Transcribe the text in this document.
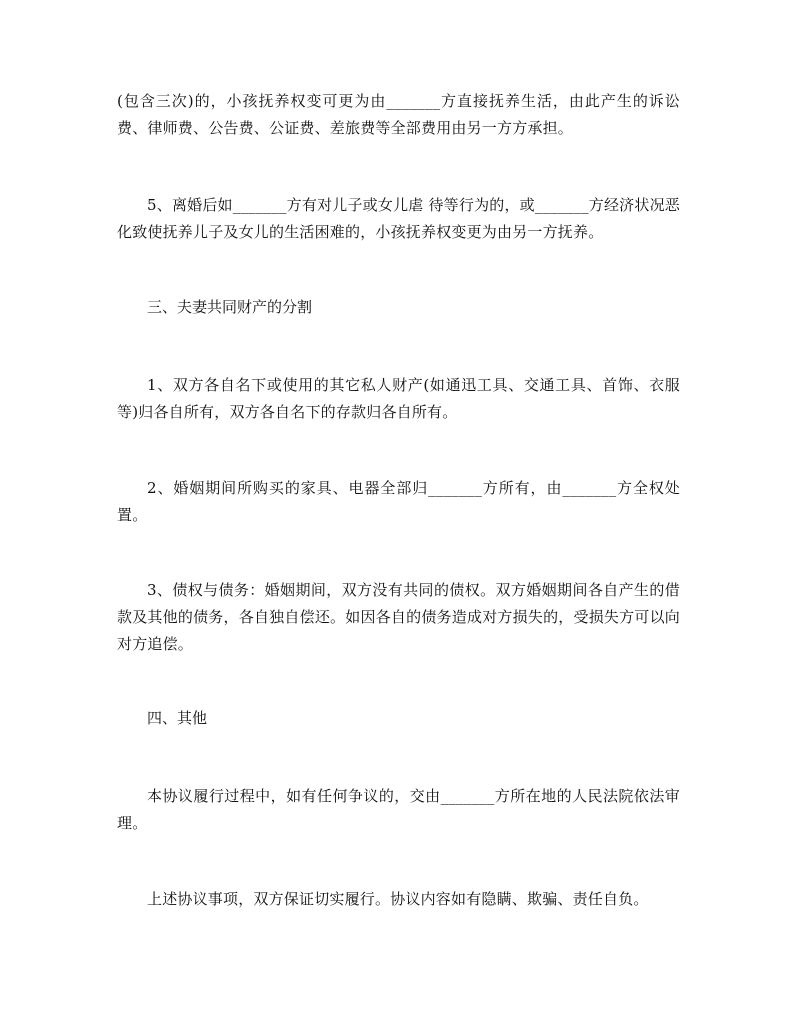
(包含三次)的，小孩抚养权变可更为由_______方直接抚养生活，由此产生的诉讼费、律师费、公告费、公证费、差旅费等全部费用由另一方方承担。

5、离婚后如_______方有对儿子或女儿虐 待等行为的，或_______方经济状况恶化致使抚养儿子及女儿的生活困难的，小孩抚养权变更为由另一方抚养。

三、夫妻共同财产的分割

1、双方各自名下或使用的其它私人财产(如通迅工具、交通工具、首饰、衣服等)归各自所有，双方各自名下的存款归各自所有。

2、婚姻期间所购买的家具、电器全部归_______方所有，由_______方全权处置。

3、债权与债务：婚姻期间，双方没有共同的债权。双方婚姻期间各自产生的借款及其他的债务，各自独自偿还。如因各自的债务造成对方损失的，受损失方可以向对方追偿。

四、其他

本协议履行过程中，如有任何争议的，交由_______方所在地的人民法院依法审理。

上述协议事项，双方保证切实履行。协议内容如有隐瞒、欺骗、责任自负。
